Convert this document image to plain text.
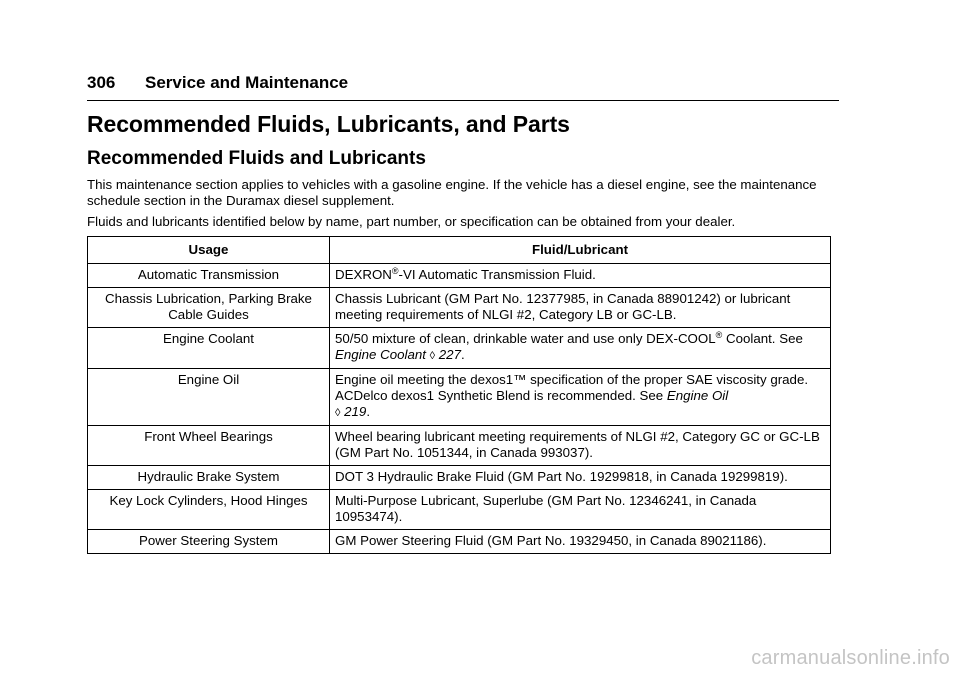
306 Service and Maintenance
Recommended Fluids, Lubricants, and Parts
Recommended Fluids and Lubricants

This maintenance section applies to vehicles with a gasoline engine. If the vehicle has a diesel engine, see the maintenance schedule section in the Duramax diesel supplement.

Fluids and lubricants identified below by name, part number, or specification can be obtained from your dealer.

Usage	Fluid/Lubricant
Automatic Transmission	DEXRON®-VI Automatic Transmission Fluid.
Chassis Lubrication, Parking Brake Cable Guides	Chassis Lubricant (GM Part No. 12377985, in Canada 88901242) or lubricant meeting requirements of NLGI #2, Category LB or GC-LB.
Engine Coolant	50/50 mixture of clean, drinkable water and use only DEX-COOL® Coolant. See Engine Coolant ◊ 227.
Engine Oil	Engine oil meeting the dexos1™ specification of the proper SAE viscosity grade. ACDelco dexos1 Synthetic Blend is recommended. See Engine Oil
◊ 219.
Front Wheel Bearings	Wheel bearing lubricant meeting requirements of NLGI #2, Category GC or GC-LB (GM Part No. 1051344, in Canada 993037).
Hydraulic Brake System	DOT 3 Hydraulic Brake Fluid (GM Part No. 19299818, in Canada 19299819).
Key Lock Cylinders, Hood Hinges	Multi-Purpose Lubricant, Superlube (GM Part No. 12346241, in Canada 10953474).
Power Steering System	GM Power Steering Fluid (GM Part No. 19329450, in Canada 89021186).
carmanualsonline.info
